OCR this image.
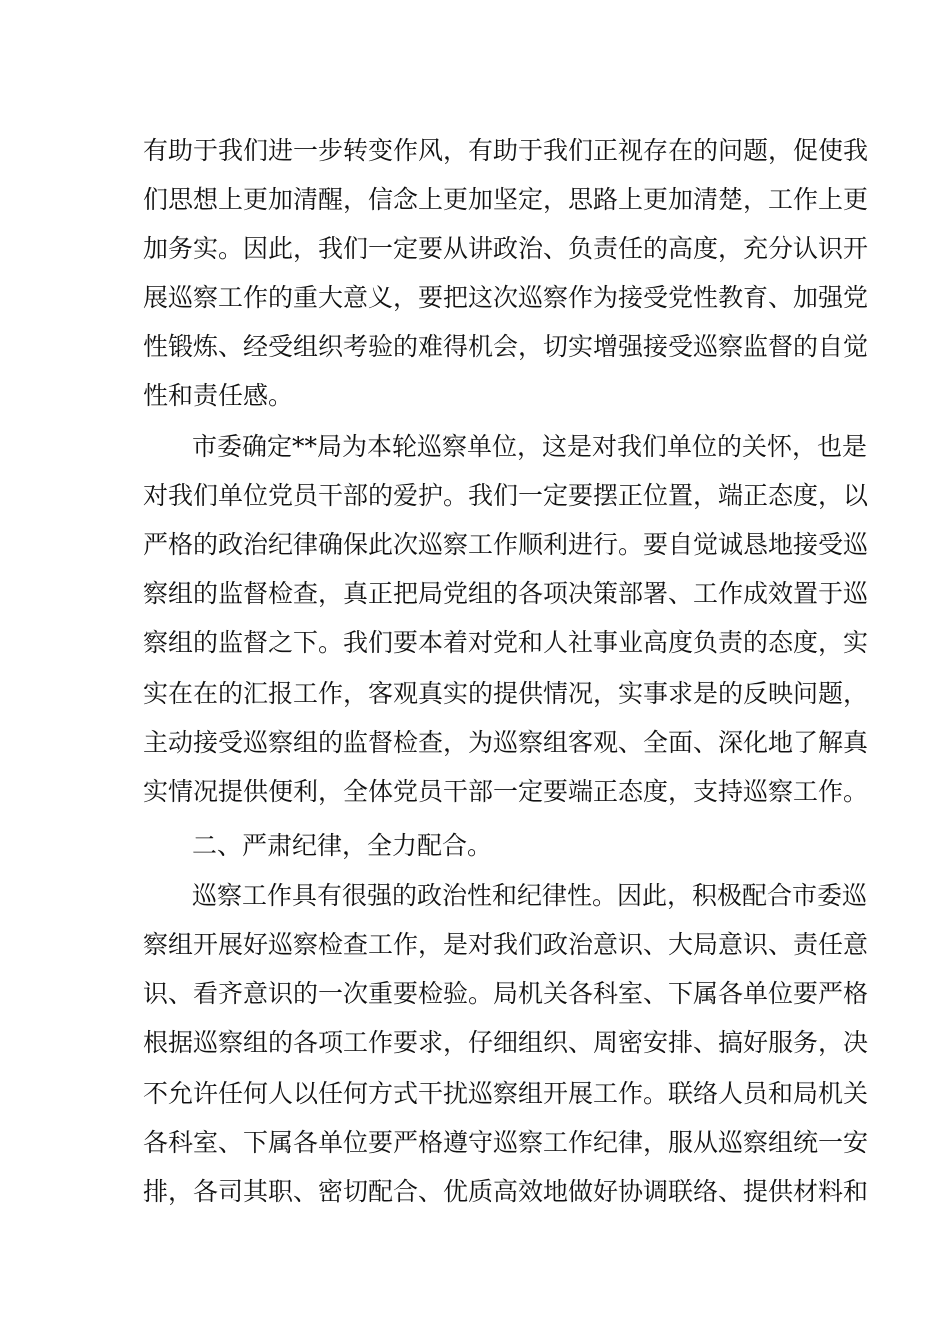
有助于我们进一步转变作风，有助于我们正视存在的问题，促使我
们思想上更加清醒，信念上更加坚定，思路上更加清楚，工作上更
加务实。因此，我们一定要从讲政治、负责任的高度，充分认识开
展巡察工作的重大意义，要把这次巡察作为接受党性教育、加强党
性锻炼、经受组织考验的难得机会，切实增强接受巡察监督的自觉
性和责任感。
市委确定**局为本轮巡察单位，这是对我们单位的关怀，也是
对我们单位党员干部的爱护。我们一定要摆正位置，端正态度，以
严格的政治纪律确保此次巡察工作顺利进行。要自觉诚恳地接受巡
察组的监督检查，真正把局党组的各项决策部署、工作成效置于巡
察组的监督之下。我们要本着对党和人社事业高度负责的态度，实
实在在的汇报工作，客观真实的提供情况，实事求是的反映问题，
主动接受巡察组的监督检查，为巡察组客观、全面、深化地了解真
实情况提供便利，全体党员干部一定要端正态度，支持巡察工作。
二、严肃纪律，全力配合。
巡察工作具有很强的政治性和纪律性。因此，积极配合市委巡
察组开展好巡察检查工作，是对我们政治意识、大局意识、责任意
识、看齐意识的一次重要检验。局机关各科室、下属各单位要严格
根据巡察组的各项工作要求，仔细组织、周密安排、搞好服务，决
不允许任何人以任何方式干扰巡察组开展工作。联络人员和局机关
各科室、下属各单位要严格遵守巡察工作纪律，服从巡察组统一安
排，各司其职、密切配合、优质高效地做好协调联络、提供材料和
